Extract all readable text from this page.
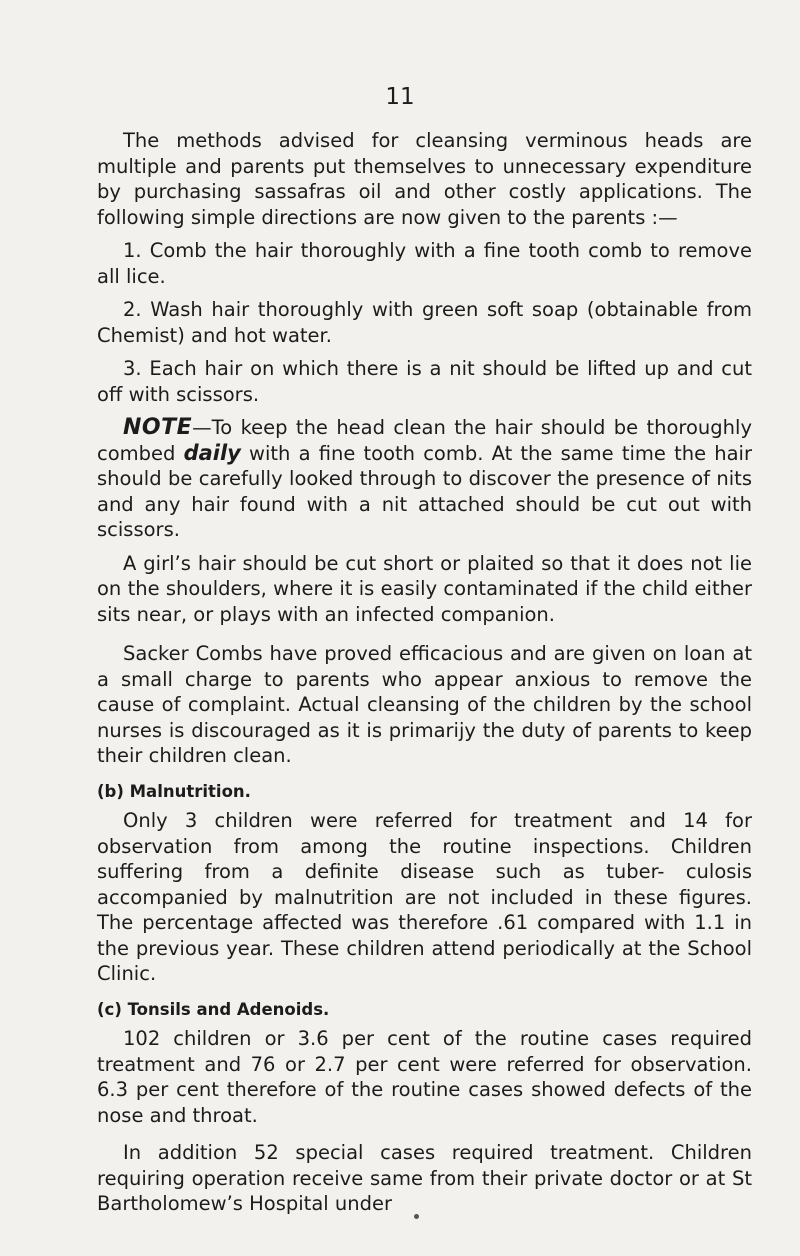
11

The methods advised for cleansing verminous heads are multiple and parents put themselves to unnecessary expenditure by purchasing sassafras oil and other costly applications. The following simple directions are now given to the parents :—

1. Comb the hair thoroughly with a fine tooth comb to remove all lice.

2. Wash hair thoroughly with green soft soap (obtainable from Chemist) and hot water.

3. Each hair on which there is a nit should be lifted up and cut off with scissors.

NOTE—To keep the head clean the hair should be thoroughly combed daily with a fine tooth comb. At the same time the hair should be carefully looked through to discover the presence of nits and any hair found with a nit attached should be cut out with scissors.

A girl’s hair should be cut short or plaited so that it does not lie on the shoulders, where it is easily contaminated if the child either sits near, or plays with an infected companion.

Sacker Combs have proved efficacious and are given on loan at a small charge to parents who appear anxious to remove the cause of complaint. Actual cleansing of the children by the school nurses is discouraged as it is primarijy the duty of parents to keep their children clean.

(b) Malnutrition.

Only 3 children were referred for treatment and 14 for observation from among the routine inspections. Children suffering from a definite disease such as tuber- culosis accompanied by malnutrition are not included in these figures. The percentage affected was therefore .61 compared with 1.1 in the previous year. These children attend periodically at the School Clinic.

(c) Tonsils and Adenoids.

102 children or 3.6 per cent of the routine cases required treatment and 76 or 2.7 per cent were referred for observation. 6.3 per cent therefore of the routine cases showed defects of the nose and throat.

In addition 52 special cases required treatment. Children requiring operation receive same from their private doctor or at St Bartholomew’s Hospital under
